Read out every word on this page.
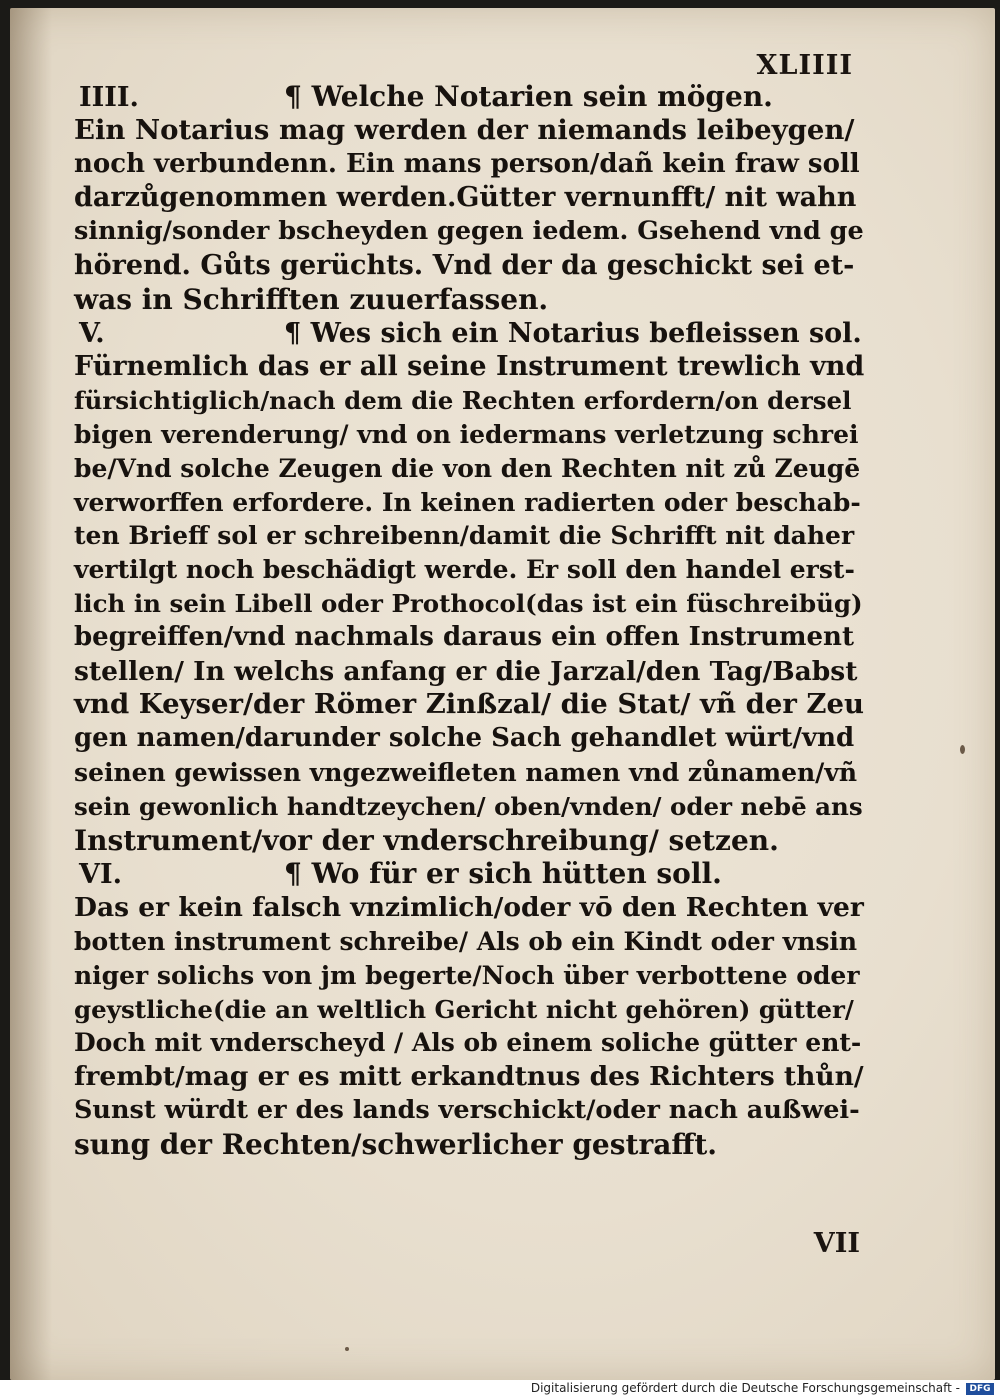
XLIIII
IIII.	¶ Welche Notarien sein mögen.
Ein Notarius mag werden der niemands leibeygen/
noch verbundenn. Ein mans person/dañ kein fraw soll
darzůgenommen werden.Gütter vernunfft/ nit wahn
sinnig/sonder bscheyden gegen iedem. Gsehend vnd ge
hörend. Gůts gerüchts. Vnd der da geschickt sei et-
was in Schrifften zuuerfassen.
V.	¶ Wes sich ein Notarius befleissen sol.
Fürnemlich das er all seine Instrument trewlich vnd
fürsichtiglich/nach dem die Rechten erfordern/on dersel
bigen verenderung/ vnd on iedermans verletzung schrei
be/Vnd solche Zeugen die von den Rechten nit zů Zeugē
verworffen erfordere. In keinen radierten oder beschab-
ten Brieff sol er schreibenn/damit die Schrifft nit daher
vertilgt noch beschädigt werde. Er soll den handel erst-
lich in sein Libell oder Prothocol(das ist ein füschreibüg)
begreiffen/vnd nachmals daraus ein offen Instrument
stellen/ In welchs anfang er die Jarzal/den Tag/Babst
vnd Keyser/der Römer Zinßzal/ die Stat/ vñ der Zeu
gen namen/darunder solche Sach gehandlet würt/vnd
seinen gewissen vngezweifleten namen vnd zůnamen/vñ
sein gewonlich handtzeychen/ oben/vnden/ oder nebē ans
Instrument/vor der vnderschreibung/ setzen.
VI.	¶ Wo für er sich hütten soll.
Das er kein falsch vnzimlich/oder vō den Rechten ver
botten instrument schreibe/ Als ob ein Kindt oder vnsin
niger solichs von jm begerte/Noch über verbottene oder
geystliche(die an weltlich Gericht nicht gehören) gütter/
Doch mit vnderscheyd / Als ob einem soliche gütter ent-
frembt/mag er es mitt erkandtnus des Richters thůn/
Sunst würdt er des lands verschickt/oder nach außwei-
sung der Rechten/schwerlicher gestrafft.
VII
Digitalisierung gefördert durch die Deutsche Forschungsgemeinschaft -	DFG
